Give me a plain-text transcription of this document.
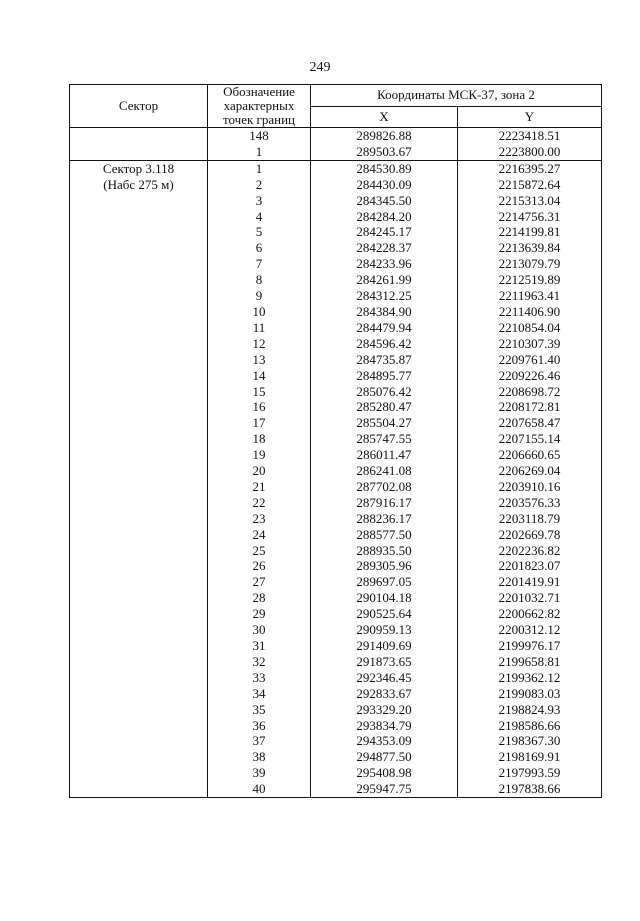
249
Сектор	Обозначение характерных точек границ	Координаты МСК-37, зона 2	
		X	Y

	148	289826.88	2223418.51
	1	289503.67	2223800.00

Сектор 3.118
(Набс 275 м)	1	284530.89	2216395.27
	2	284430.09	2215872.64
	3	284345.50	2215313.04
	4	284284.20	2214756.31
	5	284245.17	2214199.81
	6	284228.37	2213639.84
	7	284233.96	2213079.79
	8	284261.99	2212519.89
	9	284312.25	2211963.41
	10	284384.90	2211406.90
	11	284479.94	2210854.04
	12	284596.42	2210307.39
	13	284735.87	2209761.40
	14	284895.77	2209226.46
	15	285076.42	2208698.72
	16	285280.47	2208172.81
	17	285504.27	2207658.47
	18	285747.55	2207155.14
	19	286011.47	2206660.65
	20	286241.08	2206269.04
	21	287702.08	2203910.16
	22	287916.17	2203576.33
	23	288236.17	2203118.79
	24	288577.50	2202669.78
	25	288935.50	2202236.82
	26	289305.96	2201823.07
	27	289697.05	2201419.91
	28	290104.18	2201032.71
	29	290525.64	2200662.82
	30	290959.13	2200312.12
	31	291409.69	2199976.17
	32	291873.65	2199658.81
	33	292346.45	2199362.12
	34	292833.67	2199083.03
	35	293329.20	2198824.93
	36	293834.79	2198586.66
	37	294353.09	2198367.30
	38	294877.50	2198169.91
	39	295408.98	2197993.59
	40	295947.75	2197838.66
